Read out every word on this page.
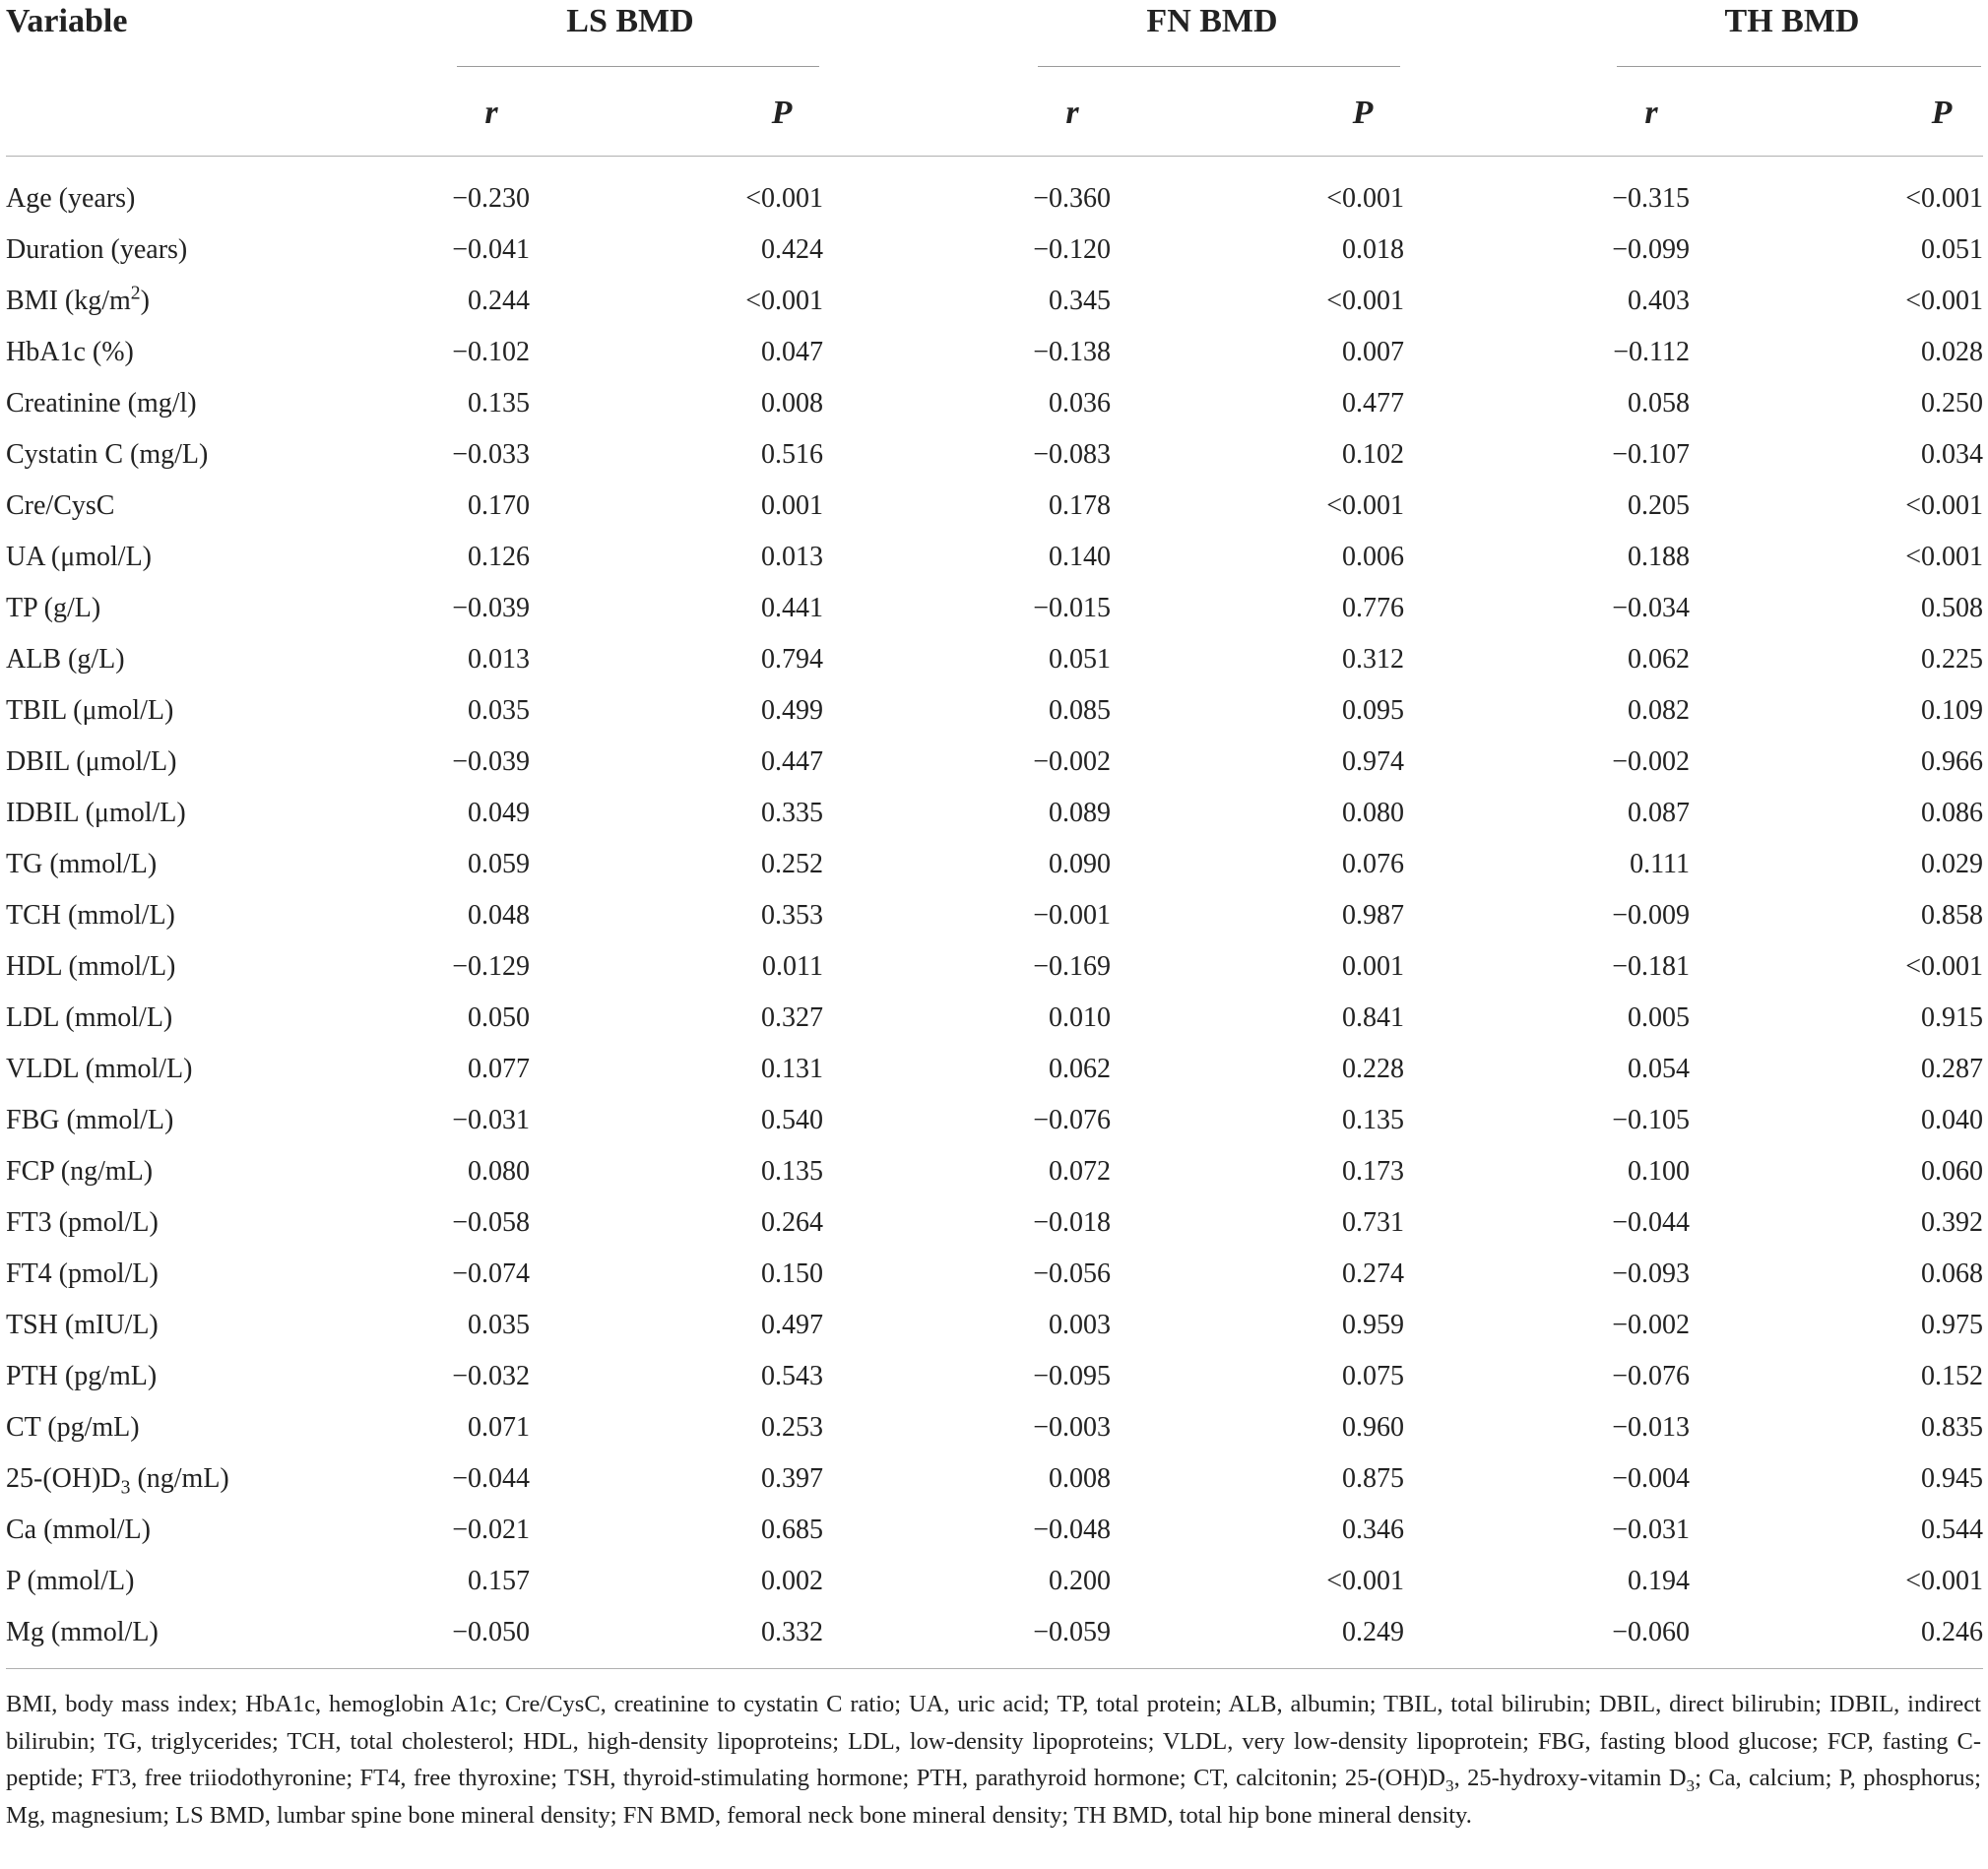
Variable	LS BMD	FN BMD	TH BMD
r	P	r	P	r	P
Age (years)	−0.230	<0.001	−0.360	<0.001	−0.315	<0.001
Duration (years)	−0.041	0.424	−0.120	0.018	−0.099	0.051
BMI $(kg/m^2)$	0.244	<0.001	0.345	<0.001	0.403	<0.001
HbA1c (%)	−0.102	0.047	−0.138	0.007	−0.112	0.028
Creatinine (mg/l)	0.135	0.008	0.036	0.477	0.058	0.250
Cystatin C (mg/L)	−0.033	0.516	−0.083	0.102	−0.107	0.034
Cre/CysC	0.170	0.001	0.178	<0.001	0.205	<0.001
UA (μmol/L)	0.126	0.013	0.140	0.006	0.188	<0.001
TP (g/L)	−0.039	0.441	−0.015	0.776	−0.034	0.508
ALB (g/L)	0.013	0.794	0.051	0.312	0.062	0.225
TBIL (μmol/L)	0.035	0.499	0.085	0.095	0.082	0.109
DBIL (μmol/L)	−0.039	0.447	−0.002	0.974	−0.002	0.966
IDBIL (μmol/L)	0.049	0.335	0.089	0.080	0.087	0.086
TG (mmol/L)	0.059	0.252	0.090	0.076	0.111	0.029
TCH (mmol/L)	0.048	0.353	−0.001	0.987	−0.009	0.858
HDL (mmol/L)	−0.129	0.011	−0.169	0.001	−0.181	<0.001
LDL (mmol/L)	0.050	0.327	0.010	0.841	0.005	0.915
VLDL (mmol/L)	0.077	0.131	0.062	0.228	0.054	0.287
FBG (mmol/L)	−0.031	0.540	−0.076	0.135	−0.105	0.040
FCP (ng/mL)	0.080	0.135	0.072	0.173	0.100	0.060
FT3 (pmol/L)	−0.058	0.264	−0.018	0.731	−0.044	0.392
FT4 (pmol/L)	−0.074	0.150	−0.056	0.274	−0.093	0.068
TSH (mIU/L)	0.035	0.497	0.003	0.959	−0.002	0.975
PTH (pg/mL)	−0.032	0.543	−0.095	0.075	−0.076	0.152
CT (pg/mL)	0.071	0.253	−0.003	0.960	−0.013	0.835
$25-(OH)D_3$ (ng/mL)	−0.044	0.397	0.008	0.875	−0.004	0.945
Ca (mmol/L)	−0.021	0.685	−0.048	0.346	−0.031	0.544
P (mmol/L)	0.157	0.002	0.200	<0.001	0.194	<0.001
Mg (mmol/L)	−0.050	0.332	−0.059	0.249	−0.060	0.246
BMI, body mass index; HbA1c, hemoglobin A1c; Cre/CysC, creatinine to cystatin C ratio; UA, uric acid; TP, total protein; ALB, albumin; TBIL, total bilirubin; DBIL, direct bilirubin; IDBIL, indirect bilirubin; TG, triglycerides; TCH, total cholesterol; HDL, high-density lipoproteins; LDL, low-density lipoproteins; VLDL, very low-density lipoprotein; FBG, fasting blood glucose; FCP, fasting C-peptide; FT3, free triiodothyronine; FT4, free thyroxine; TSH, thyroid-stimulating hormone; PTH, parathyroid hormone; CT, calcitonin; $25-(OH)D_3$, 25-hydroxy-vitamin $D_3$; Ca, calcium; P, phosphorus; Mg, magnesium; LS BMD, lumbar spine bone mineral density; FN BMD, femoral neck bone mineral density; TH BMD, total hip bone mineral density.
